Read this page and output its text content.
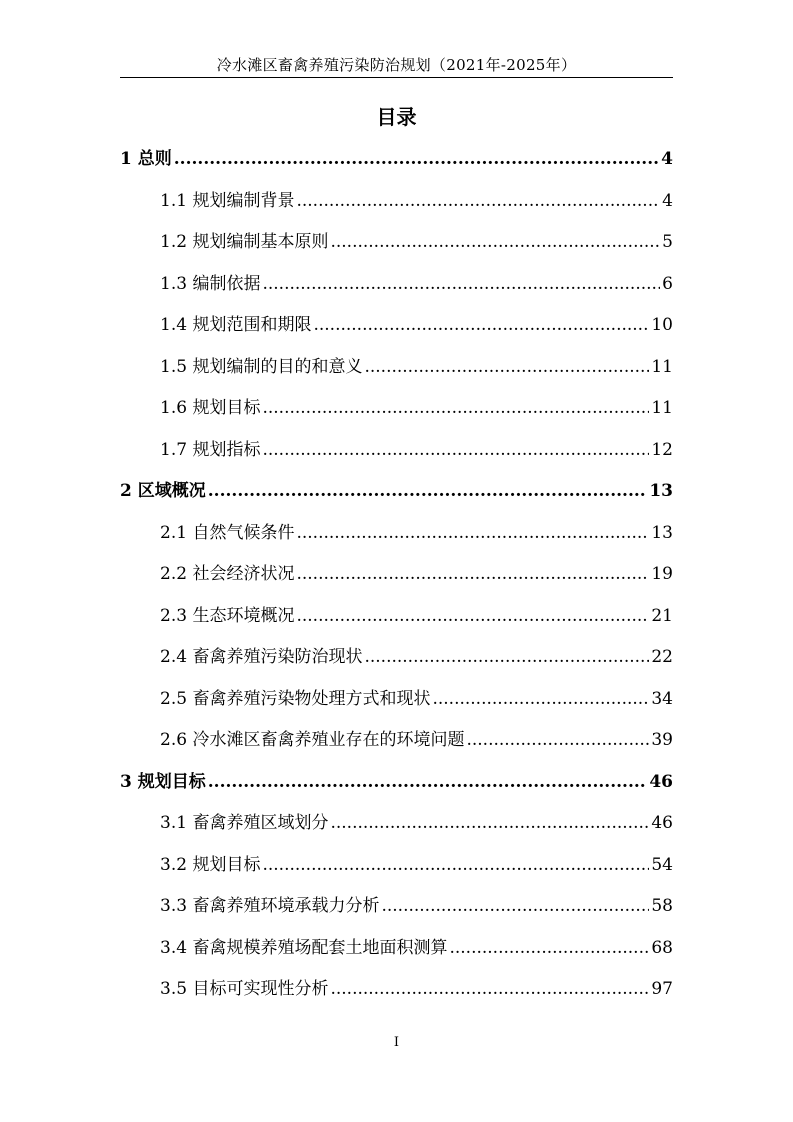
冷水滩区畜禽养殖污染防治规划（2021年-2025年）
目录
1 总则 .....	4
1.1 规划编制背景 .....	4
1.2 规划编制基本原则 .....	5
1.3 编制依据 .....	6
1.4 规划范围和期限 .....	10
1.5 规划编制的目的和意义 .....	11
1.6 规划目标 .....	11
1.7 规划指标 .....	12
2 区域概况 .....	13
2.1 自然气候条件 .....	13
2.2 社会经济状况 .....	19
2.3 生态环境概况 .....	21
2.4 畜禽养殖污染防治现状 .....	22
2.5 畜禽养殖污染物处理方式和现状 .....	34
2.6 冷水滩区畜禽养殖业存在的环境问题 .....	39
3 规划目标 .....	46
3.1 畜禽养殖区域划分 .....	46
3.2 规划目标 .....	54
3.3 畜禽养殖环境承载力分析 .....	58
3.4 畜禽规模养殖场配套土地面积测算 .....	68
3.5 目标可实现性分析 .....	97
I
